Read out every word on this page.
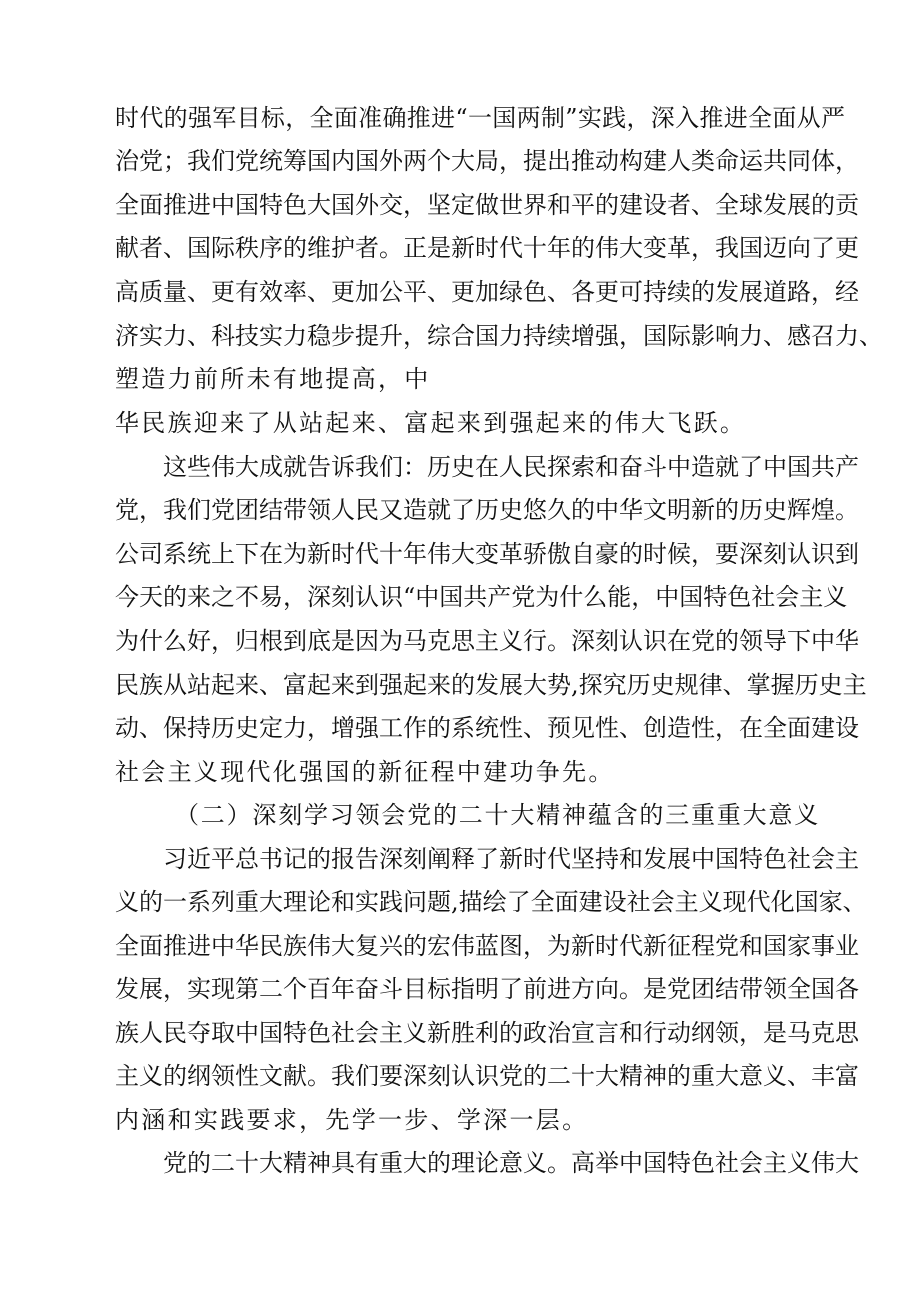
时代的强军目标，全面准确推进“一国两制”实践，深入推进全面从严
治党；我们党统筹国内国外两个大局，提出推动构建人类命运共同体，
全面推进中国特色大国外交，坚定做世界和平的建设者、全球发展的贡
献者、国际秩序的维护者。正是新时代十年的伟大变革，我国迈向了更
高质量、更有效率、更加公平、更加绿色、各更可持续的发展道路，经
济实力、科技实力稳步提升，综合国力持续增强，国际影响力、感召力、
塑造力前所未有地提高，中
华民族迎来了从站起来、富起来到强起来的伟大飞跃。
这些伟大成就告诉我们：历史在人民探索和奋斗中造就了中国共产
党，我们党团结带领人民又造就了历史悠久的中华文明新的历史辉煌。
公司系统上下在为新时代十年伟大变革骄傲自豪的时候，要深刻认识到
今天的来之不易，深刻认识“中国共产党为什么能，中国特色社会主义
为什么好，归根到底是因为马克思主义行。深刻认识在党的领导下中华
民族从站起来、富起来到强起来的发展大势,探究历史规律、掌握历史主
动、保持历史定力，增强工作的系统性、预见性、创造性，在全面建设
社会主义现代化强国的新征程中建功争先。
（二）深刻学习领会党的二十大精神蕴含的三重重大意义
习近平总书记的报告深刻阐释了新时代坚持和发展中国特色社会主
义的一系列重大理论和实践问题,描绘了全面建设社会主义现代化国家、
全面推进中华民族伟大复兴的宏伟蓝图，为新时代新征程党和国家事业
发展，实现第二个百年奋斗目标指明了前进方向。是党团结带领全国各
族人民夺取中国特色社会主义新胜利的政治宣言和行动纲领，是马克思
主义的纲领性文献。我们要深刻认识党的二十大精神的重大意义、丰富
内涵和实践要求，先学一步、学深一层。
党的二十大精神具有重大的理论意义。高举中国特色社会主义伟大
